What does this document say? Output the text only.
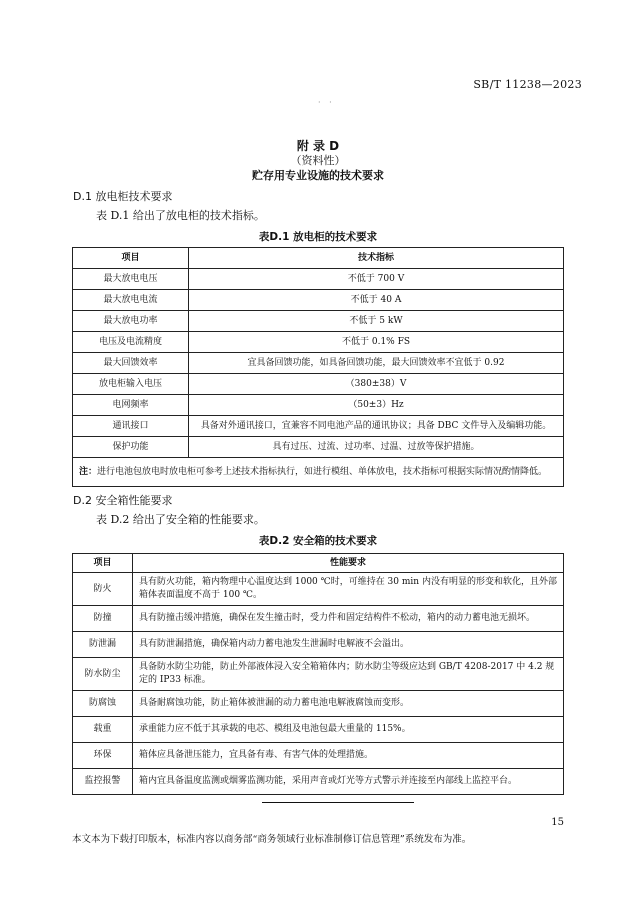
SB/T 11238—2023
· ·
附 录 D
（资料性）
贮存用专业设施的技术要求
D.1 放电柜技术要求
表 D.1 给出了放电柜的技术指标。
表D.1 放电柜的技术要求
项目	技术指标
最大放电电压	不低于 700 V
最大放电电流	不低于 40 A
最大放电功率	不低于 5 kW
电压及电流精度	不低于 0.1% FS
最大回馈效率	宜具备回馈功能，如具备回馈功能，最大回馈效率不宜低于 0.92
放电柜输入电压	（380±38）V
电网频率	（50±3）Hz
通讯接口	具备对外通讯接口，宜兼容不同电池产品的通讯协议；具备 DBC 文件导入及编辑功能。
保护功能	具有过压、过流、过功率、过温、过放等保护措施。
注：进行电池包放电时放电柜可参考上述技术指标执行，如进行模组、单体放电，技术指标可根据实际情况酌情降低。	
D.2 安全箱性能要求
表 D.2 给出了安全箱的性能要求。
表D.2 安全箱的技术要求
项目	性能要求
防火	具有防火功能，箱内物理中心温度达到 1000 ℃时，可维持在 30 min 内没有明显的形变和软化，且外部箱体表面温度不高于 100 ℃。
防撞	具有防撞击缓冲措施，确保在发生撞击时，受力件和固定结构件不松动，箱内的动力蓄电池无损坏。
防泄漏	具有防泄漏措施，确保箱内动力蓄电池发生泄漏时电解液不会溢出。
防水防尘	具备防水防尘功能，防止外部液体浸入安全箱箱体内；防水防尘等级应达到 GB/T 4208-2017 中 4.2 规定的 IP33 标准。
防腐蚀	具备耐腐蚀功能，防止箱体被泄漏的动力蓄电池电解液腐蚀而变形。
载重	承重能力应不低于其承载的电芯、模组及电池包最大重量的 115%。
环保	箱体应具备泄压能力，宜具备有毒、有害气体的处理措施。
监控报警	箱内宜具备温度监测或烟雾监测功能，采用声音或灯光等方式警示并连接至内部线上监控平台。
15
本文本为下载打印版本，标准内容以商务部“商务领域行业标准制修订信息管理”系统发布为准。
